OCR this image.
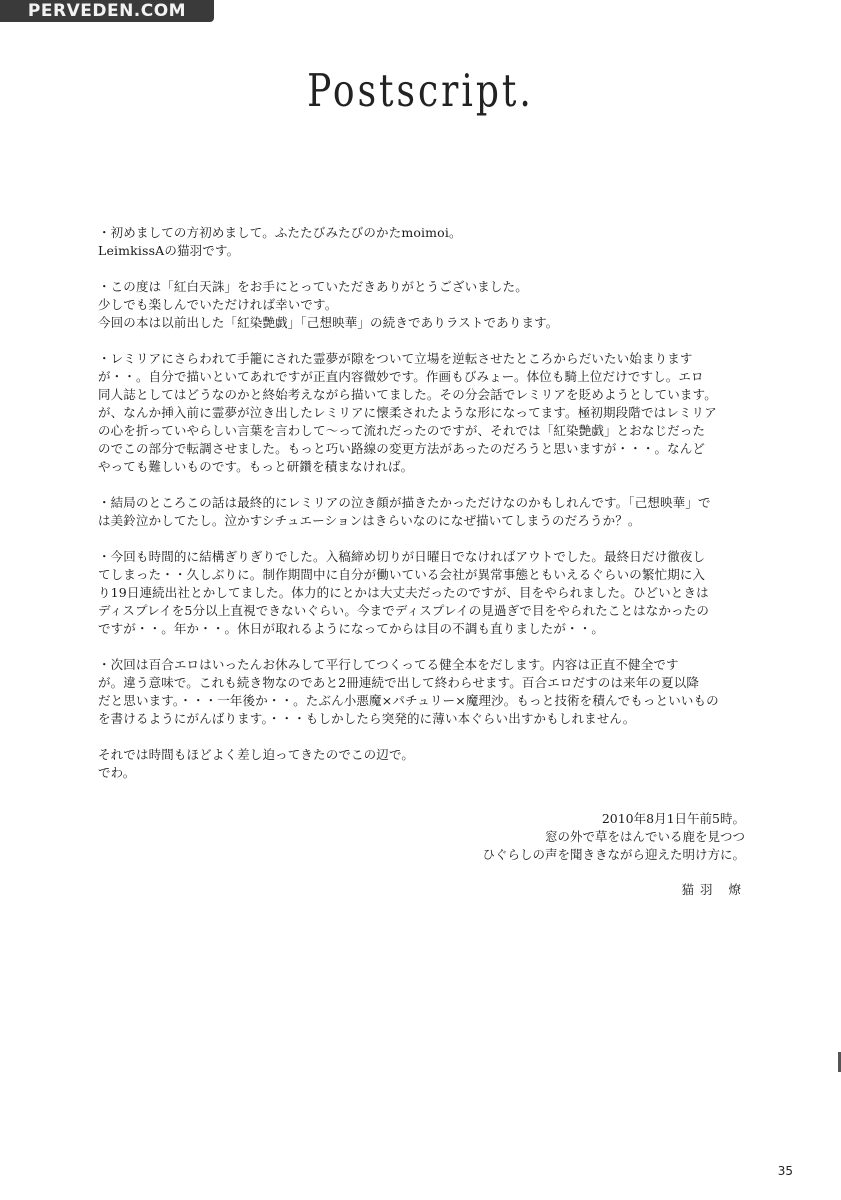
PERVEDEN.COM
Postscript.
・初めましての方初めまして。ふたたびみたびのかたmoimoi。
LeimkissAの猫羽です。
・この度は「紅白天誅」をお手にとっていただきありがとうございました。
少しでも楽しんでいただければ幸いです。
今回の本は以前出した「紅染艶戯」「己想映華」の続きでありラストであります。
・レミリアにさらわれて手籠にされた霊夢が隙をついて立場を逆転させたところからだいたい始まります
が・・。自分で描いといてあれですが正直内容微妙です。作画もびみょー。体位も騎上位だけですし。エロ
同人誌としてはどうなのかと終始考えながら描いてました。その分会話でレミリアを貶めようとしています。
が、なんか挿入前に霊夢が泣き出したレミリアに懐柔されたような形になってます。極初期段階ではレミリア
の心を折っていやらしい言葉を言わして～って流れだったのですが、それでは「紅染艶戯」とおなじだった
のでこの部分で転調させました。もっと巧い路線の変更方法があったのだろうと思いますが・・・。なんど
やっても難しいものです。もっと研鑽を積まなければ。
・結局のところこの話は最終的にレミリアの泣き顔が描きたかっただけなのかもしれんです。「己想映華」で
は美鈴泣かしてたし。泣かすシチュエーションはきらいなのになぜ描いてしまうのだろうか？。
・今回も時間的に結構ぎりぎりでした。入稿締め切りが日曜日でなければアウトでした。最終日だけ徹夜し
てしまった・・久しぶりに。制作期間中に自分が働いている会社が異常事態ともいえるぐらいの繁忙期に入
り19日連続出社とかしてました。体力的にとかは大丈夫だったのですが、目をやられました。ひどいときは
ディスプレイを5分以上直視できないぐらい。今までディスプレイの見過ぎで目をやられたことはなかったの
ですが・・。年か・・。休日が取れるようになってからは目の不調も直りましたが・・。
・次回は百合エロはいったんお休みして平行してつくってる健全本をだします。内容は正直不健全です
が。違う意味で。これも続き物なのであと2冊連続で出して終わらせます。百合エロだすのは来年の夏以降
だと思います。・・・一年後か・・。たぶん小悪魔×パチュリー×魔理沙。もっと技術を積んでもっといいもの
を書けるようにがんばります。・・・もしかしたら突発的に薄い本ぐらい出すかもしれません。
それでは時間もほどよく差し迫ってきたのでこの辺で。
でわ。
2010年8月1日午前5時。
窓の外で草をはんでいる鹿を見つつ
ひぐらしの声を聞ききながら迎えた明け方に。
猫羽 燎
35
